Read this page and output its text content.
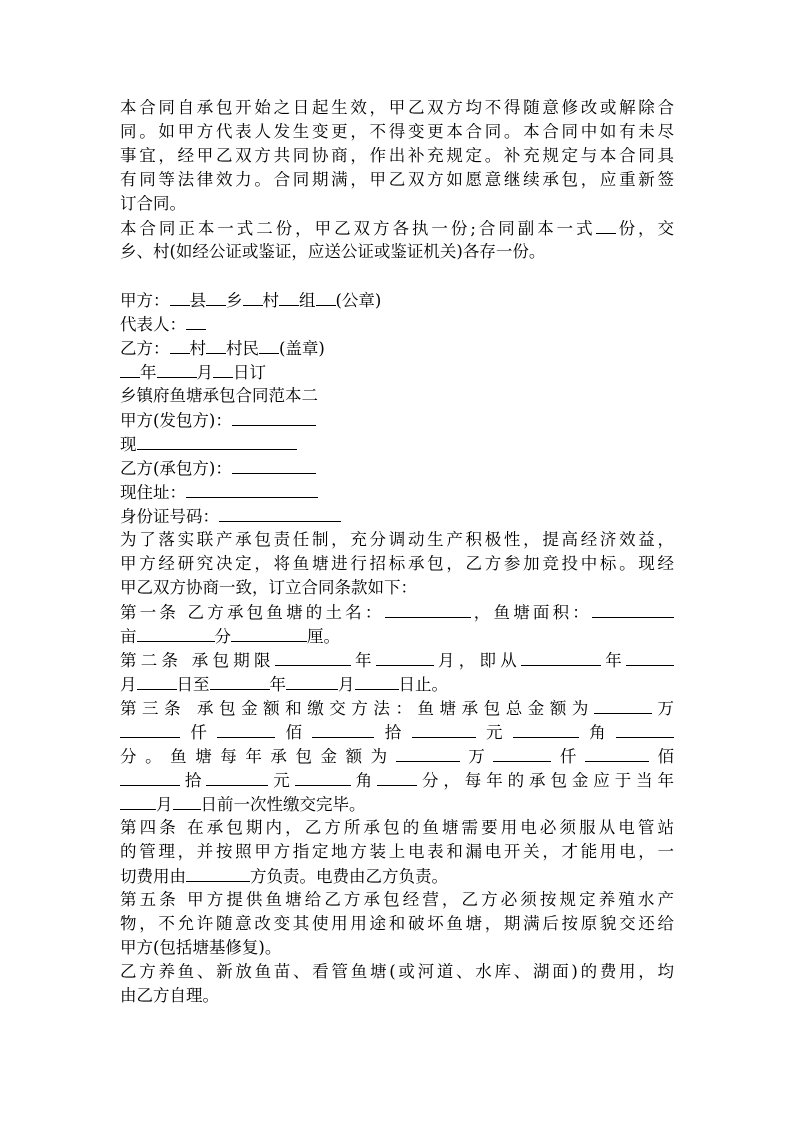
本合同自承包开始之日起生效，甲乙双方均不得随意修改或解除合
同。如甲方代表人发生变更，不得变更本合同。本合同中如有未尽
事宜，经甲乙双方共同协商，作出补充规定。补充规定与本合同具
有同等法律效力。合同期满，甲乙双方如愿意继续承包，应重新签
订合同。
本合同正本一式二份，甲乙双方各执一份;合同副本一式 份，交
乡、村(如经公证或鉴证，应送公证或鉴证机关)各存一份。
甲方： 县 乡 村 组 (公章)
代表人：
乙方： 村 村民 (盖章)
年 月 日订
乡镇府鱼塘承包合同范本二
甲方(发包方)：
现
乙方(承包方)：
现住址：
身份证号码：
为了落实联产承包责任制，充分调动生产积极性，提高经济效益，
甲方经研究决定，将鱼塘进行招标承包，乙方参加竞投中标。现经
甲乙双方协商一致，订立合同条款如下：
第一条 乙方承包鱼塘的土名：	，鱼塘面积：
亩	分	厘。
第二条 承包期限	年	月，即从	年
月 日至	年	月	日止。
第三条 承包金额和缴交方法：鱼塘承包总金额为	万
仟	佰	拾	元	角
分。鱼塘每年承包金额为	万	仟	佰
拾	元	角 分，每年的承包金应于当年
月 日前一次性缴交完毕。
第四条 在承包期内，乙方所承包的鱼塘需要用电必须服从电管站
的管理，并按照甲方指定地方装上电表和漏电开关，才能用电，一
切费用由	方负责。电费由乙方负责。
第五条 甲方提供鱼塘给乙方承包经营，乙方必须按规定养殖水产
物，不允许随意改变其使用用途和破坏鱼塘，期满后按原貌交还给
甲方(包括塘基修复)。
乙方养鱼、新放鱼苗、看管鱼塘(或河道、水库、湖面)的费用，均
由乙方自理。
